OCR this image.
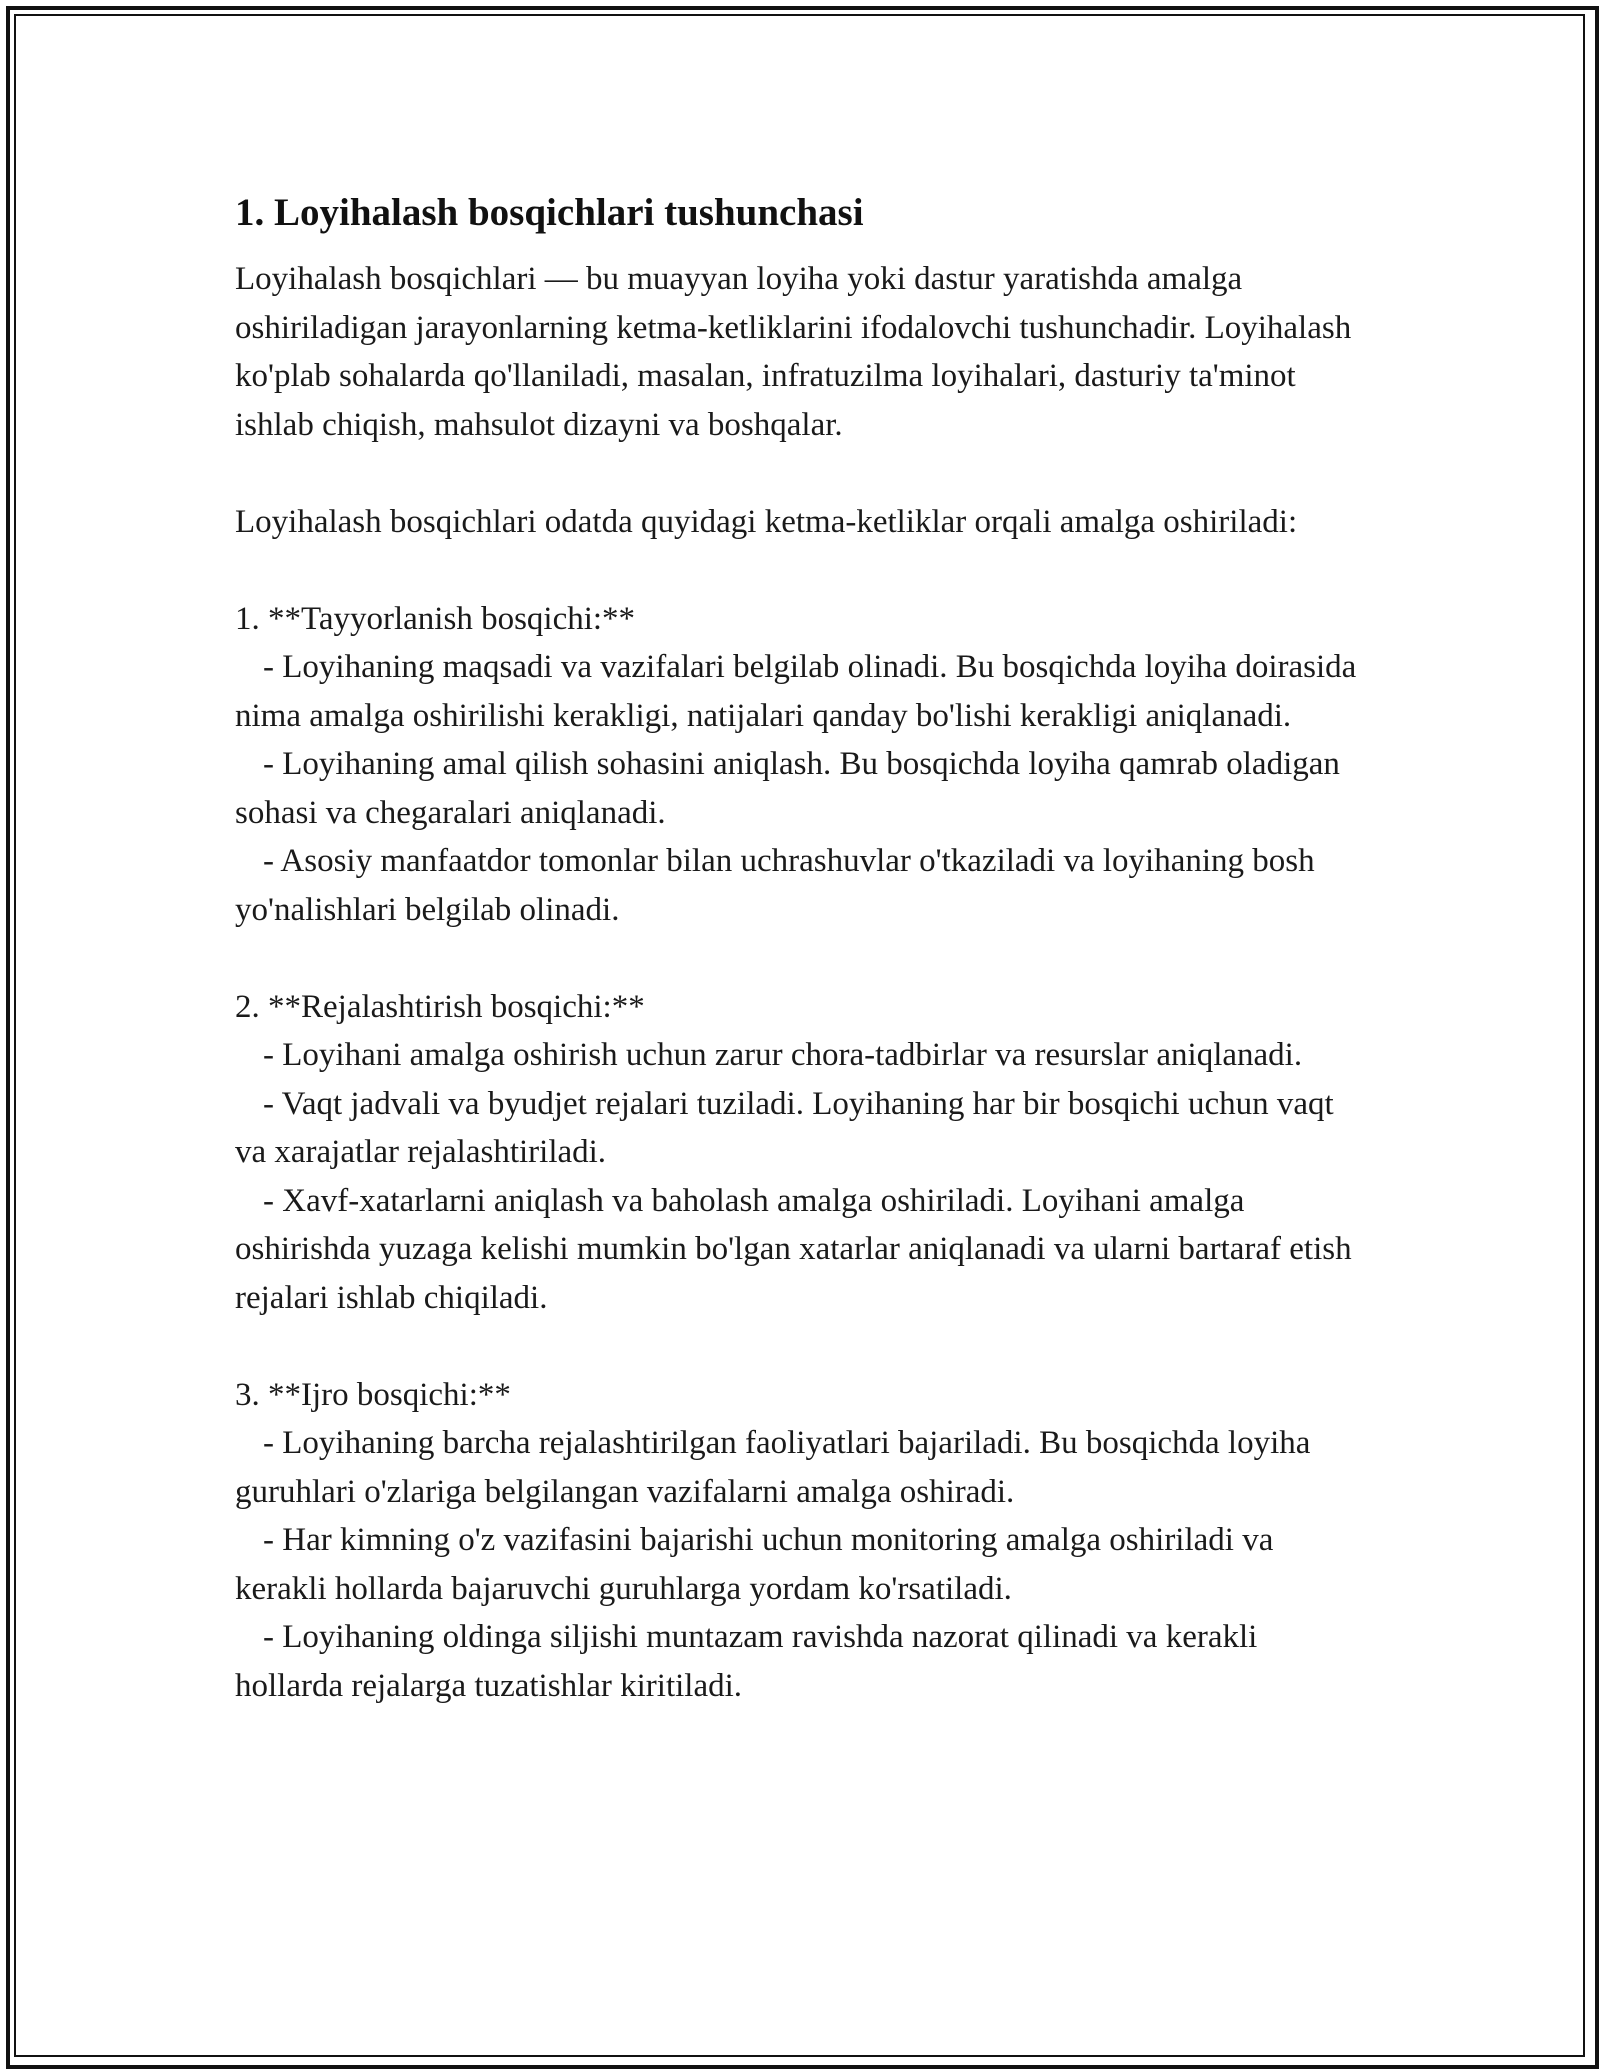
1. Loyihalash bosqichlari tushunchasi

Loyihalash bosqichlari — bu muayyan loyiha yoki dastur yaratishda amalga oshiriladigan jarayonlarning ketma-ketliklarini ifodalovchi tushunchadir. Loyihalash ko'plab sohalarda qo'llaniladi, masalan, infratuzilma loyihalari, dasturiy ta'minot ishlab chiqish, mahsulot dizayni va boshqalar.

Loyihalash bosqichlari odatda quyidagi ketma-ketliklar orqali amalga oshiriladi:

1. **Tayyorlanish bosqichi:**

- Loyihaning maqsadi va vazifalari belgilab olinadi. Bu bosqichda loyiha doirasida nima amalga oshirilishi kerakligi, natijalari qanday bo'lishi kerakligi aniqlanadi.

- Loyihaning amal qilish sohasini aniqlash. Bu bosqichda loyiha qamrab oladigan sohasi va chegaralari aniqlanadi.

- Asosiy manfaatdor tomonlar bilan uchrashuvlar o'tkaziladi va loyihaning bosh yo'nalishlari belgilab olinadi.

2. **Rejalashtirish bosqichi:**

- Loyihani amalga oshirish uchun zarur chora-tadbirlar va resurslar aniqlanadi.

- Vaqt jadvali va byudjet rejalari tuziladi. Loyihaning har bir bosqichi uchun vaqt va xarajatlar rejalashtiriladi.

- Xavf-xatarlarni aniqlash va baholash amalga oshiriladi. Loyihani amalga oshirishda yuzaga kelishi mumkin bo'lgan xatarlar aniqlanadi va ularni bartaraf etish rejalari ishlab chiqiladi.

3. **Ijro bosqichi:**

- Loyihaning barcha rejalashtirilgan faoliyatlari bajariladi. Bu bosqichda loyiha guruhlari o'zlariga belgilangan vazifalarni amalga oshiradi.

- Har kimning o'z vazifasini bajarishi uchun monitoring amalga oshiriladi va kerakli hollarda bajaruvchi guruhlarga yordam ko'rsatiladi.

- Loyihaning oldinga siljishi muntazam ravishda nazorat qilinadi va kerakli hollarda rejalarga tuzatishlar kiritiladi.
